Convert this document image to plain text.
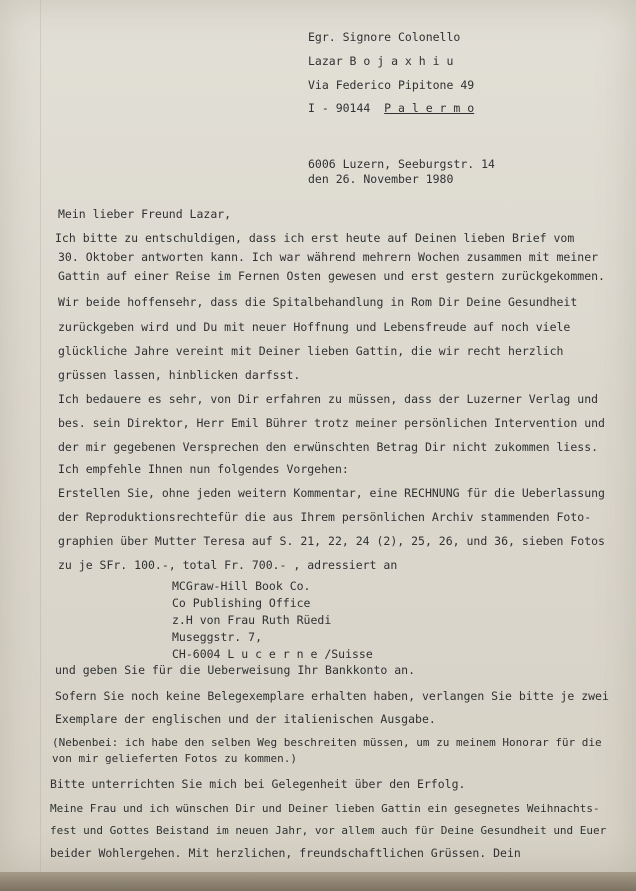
Egr. Signore Colonello

Lazar B o j a x h i u

Via Federico Pipitone 49

I - 90144 P a l e r m o

6006 Luzern, Seeburgstr. 14

den 26. November 1980

Mein lieber Freund Lazar,

Ich bitte zu entschuldigen, dass ich erst heute auf Deinen lieben Brief vom

30. Oktober antworten kann. Ich war während mehrern Wochen zusammen mit meiner

Gattin auf einer Reise im Fernen Osten gewesen und erst gestern zurückgekommen.

Wir beide hoffensehr, dass die Spitalbehandlung in Rom Dir Deine Gesundheit

zurückgeben wird und Du mit neuer Hoffnung und Lebensfreude auf noch viele

glückliche Jahre vereint mit Deiner lieben Gattin, die wir recht herzlich

grüssen lassen, hinblicken darfsst.

Ich bedauere es sehr, von Dir erfahren zu müssen, dass der Luzerner Verlag und

bes. sein Direktor, Herr Emil Bührer trotz meiner persönlichen Intervention und

der mir gegebenen Versprechen den erwünschten Betrag Dir nicht zukommen liess.

Ich empfehle Ihnen nun folgendes Vorgehen:

Erstellen Sie, ohne jeden weitern Kommentar, eine RECHNUNG für die Ueberlassung

der Reproduktionsrechtefür die aus Ihrem persönlichen Archiv stammenden Foto-

graphien über Mutter Teresa auf S. 21, 22, 24 (2), 25, 26, und 36, sieben Fotos

zu je SFr. 100.-, total Fr. 700.- , adressiert an

MCGraw-Hill Book Co.

Co Publishing Office

z.H von Frau Ruth Rüedi

Museggstr. 7,

CH-6004 L u c e r n e /Suisse

und geben Sie für die Ueberweisung Ihr Bankkonto an.

Sofern Sie noch keine Belegexemplare erhalten haben, verlangen Sie bitte je zwei

Exemplare der englischen und der italienischen Ausgabe.

(Nebenbei: ich habe den selben Weg beschreiten müssen, um zu meinem Honorar für die

von mir gelieferten Fotos zu kommen.)

Bitte unterrichten Sie mich bei Gelegenheit über den Erfolg.

Meine Frau und ich wünschen Dir und Deiner lieben Gattin ein gesegnetes Weihnachts-

fest und Gottes Beistand im neuen Jahr, vor allem auch für Deine Gesundheit und Euer

beider Wohlergehen. Mit herzlichen, freundschaftlichen Grüssen. Dein
